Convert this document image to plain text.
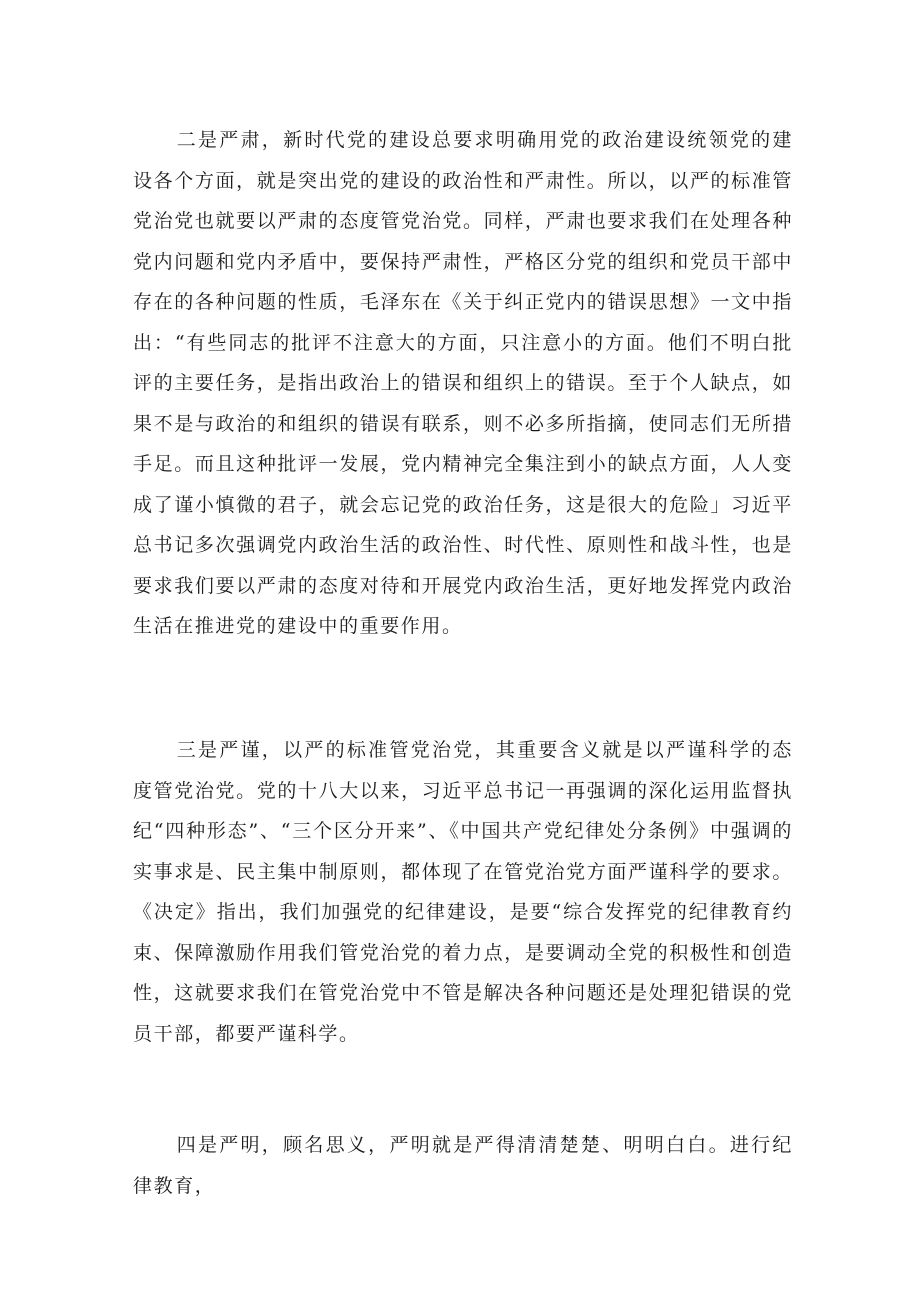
二是严肃，新时代党的建设总要求明确用党的政治建设统领党的建设各个方面，就是突出党的建设的政治性和严肃性。所以，以严的标准管党治党也就要以严肃的态度管党治党。同样，严肃也要求我们在处理各种党内问题和党内矛盾中，要保持严肃性，严格区分党的组织和党员干部中存在的各种问题的性质，毛泽东在《关于纠正党内的错误思想》一文中指出：“有些同志的批评不注意大的方面，只注意小的方面。他们不明白批评的主要任务，是指出政治上的错误和组织上的错误。至于个人缺点，如果不是与政治的和组织的错误有联系，则不必多所指摘，使同志们无所措手足。而且这种批评一发展，党内精神完全集注到小的缺点方面，人人变成了谨小慎微的君子，就会忘记党的政治任务，这是很大的危险」习近平总书记多次强调党内政治生活的政治性、时代性、原则性和战斗性，也是要求我们要以严肃的态度对待和开展党内政治生活，更好地发挥党内政治生活在推进党的建设中的重要作用。

三是严谨，以严的标准管党治党，其重要含义就是以严谨科学的态度管党治党。党的十八大以来，习近平总书记一再强调的深化运用监督执纪“四种形态”、“三个区分开来”、《中国共产党纪律处分条例》中强调的实事求是、民主集中制原则，都体现了在管党治党方面严谨科学的要求。《决定》指出，我们加强党的纪律建设，是要“综合发挥党的纪律教育约束、保障激励作用我们管党治党的着力点，是要调动全党的积极性和创造性，这就要求我们在管党治党中不管是解决各种问题还是处理犯错误的党员干部，都要严谨科学。

四是严明，顾名思义，严明就是严得清清楚楚、明明白白。进行纪律教育，
